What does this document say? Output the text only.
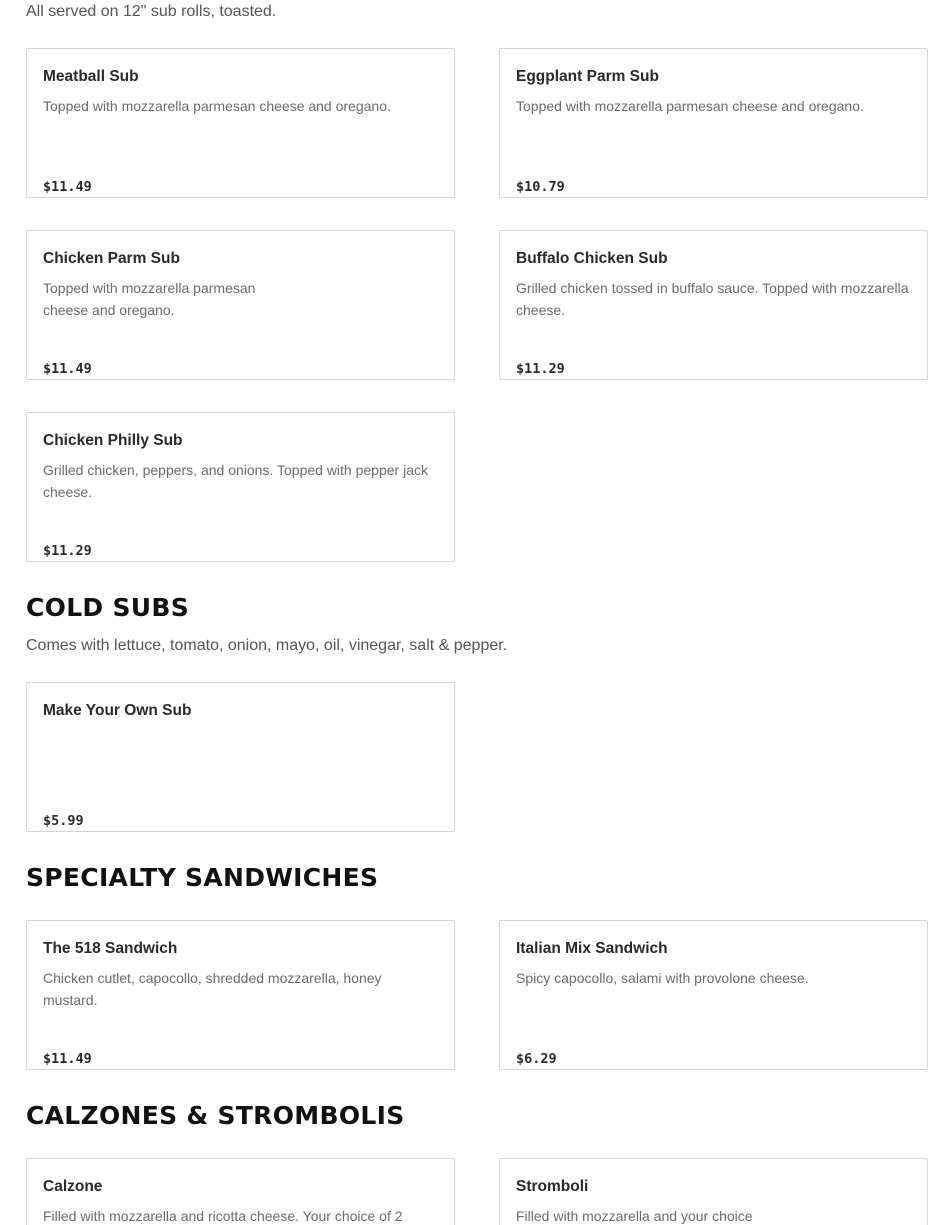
All served on 12" sub rolls, toasted.
Meatball Sub
Topped with mozzarella parmesan cheese and oregano.
$11.49
Eggplant Parm Sub
Topped with mozzarella parmesan cheese and oregano.
$10.79
Chicken Parm Sub
Topped with mozzarella parmesan cheese and oregano.
$11.49
Buffalo Chicken Sub
Grilled chicken tossed in buffalo sauce. Topped with mozzarella cheese.
$11.29
Chicken Philly Sub
Grilled chicken, peppers, and onions. Topped with pepper jack cheese.
$11.29
COLD SUBS
Comes with lettuce, tomato, onion, mayo, oil, vinegar, salt & pepper.
Make Your Own Sub
$5.99
SPECIALTY SANDWICHES
The 518 Sandwich
Chicken cutlet, capocollo, shredded mozzarella, honey mustard.
$11.49
Italian Mix Sandwich
Spicy capocollo, salami with provolone cheese.
$6.29
CALZONES & STROMBOLIS
Calzone
Filled with mozzarella and ricotta cheese. Your choice of 2
Stromboli
Filled with mozzarella and your choice
